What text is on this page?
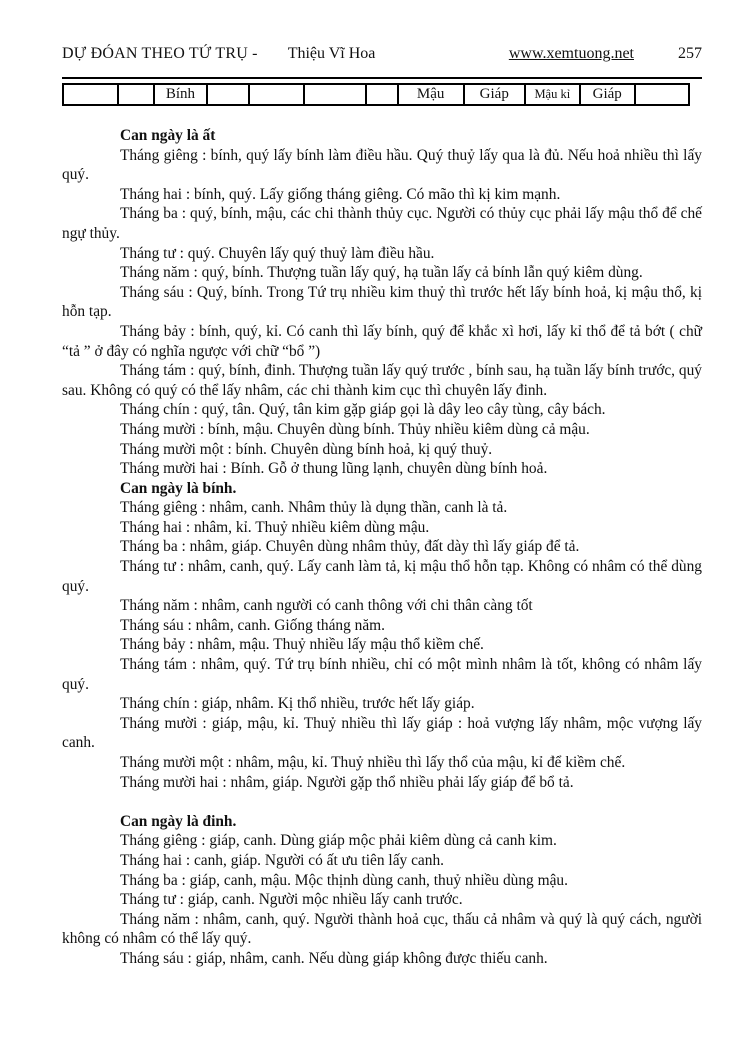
DỰ ĐÓAN THEO TỨ TRỤ - Thiệu Vĩ Hoa	www.xemtuong.net	257
		Bính					Mậu	Giáp	Mậu kỉ	Giáp	
Can ngày là ất

Tháng giêng : bính, quý lấy bính làm điều hầu. Quý thuỷ lấy qua là đủ. Nếu hoả nhiều thì lấy quý.

Tháng hai : bính, quý. Lấy giống tháng giêng. Có mão thì kị kim mạnh.

Tháng ba : quý, bính, mậu, các chi thành thủy cục. Người có thủy cục phải lấy mậu thổ để chế ngự thủy.

Tháng tư : quý. Chuyên lấy quý thuỷ làm điều hầu.

Tháng năm : quý, bính. Thượng tuần lấy quý, hạ tuần lấy cả bính lẫn quý kiêm dùng.

Tháng sáu : Quý, bính. Trong Tứ trụ nhiều kim thuỷ thì trước hết lấy bính hoả, kị mậu thổ, kị hỗn tạp.

Tháng bảy : bính, quý, kỉ. Có canh thì lấy bính, quý để khắc xì hơi, lấy kỉ thổ để tả bớt ( chữ “tả ” ở đây có nghĩa ngược với chữ “bổ ”)

Tháng tám : quý, bính, đinh. Thượng tuần lấy quý trước , bính sau, hạ tuần lấy bính trước, quý sau. Không có quý có thể lấy nhâm, các chi thành kim cục thì chuyên lấy đinh.

Tháng chín : quý, tân. Quý, tân kim gặp giáp gọi là dây leo cây tùng, cây bách.

Tháng mười : bính, mậu. Chuyên dùng bính. Thủy nhiều kiêm dùng cả mậu.

Tháng mười một : bính. Chuyên dùng bính hoả, kị quý thuỷ.

Tháng mười hai : Bính. Gỗ ở thung lũng lạnh, chuyên dùng bính hoả.

Can ngày là bính.

Tháng giêng : nhâm, canh. Nhâm thủy là dụng thần, canh là tả.

Tháng hai : nhâm, kỉ. Thuỷ nhiều kiêm dùng mậu.

Tháng ba : nhâm, giáp. Chuyên dùng nhâm thủy, đất dày thì lấy giáp để tả.

Tháng tư : nhâm, canh, quý. Lấy canh làm tả, kị mậu thổ hỗn tạp. Không có nhâm có thể dùng quý.

Tháng năm : nhâm, canh người có canh thông với chi thân càng tốt

Tháng sáu : nhâm, canh. Giống tháng năm.

Tháng bảy : nhâm, mậu. Thuỷ nhiều lấy mậu thổ kiềm chế.

Tháng tám : nhâm, quý. Tứ trụ bính nhiều, chỉ có một mình nhâm là tốt, không có nhâm lấy quý.

Tháng chín : giáp, nhâm. Kị thổ nhiều, trước hết lấy giáp.

Tháng mười : giáp, mậu, kỉ. Thuỷ nhiều thì lấy giáp : hoả vượng lấy nhâm, mộc vượng lấy canh.

Tháng mười một : nhâm, mậu, kỉ. Thuỷ nhiều thì lấy thổ của mậu, kỉ để kiềm chế.

Tháng mười hai : nhâm, giáp. Người gặp thổ nhiều phải lấy giáp để bổ tả.

Can ngày là đinh.

Tháng giêng : giáp, canh. Dùng giáp mộc phải kiêm dùng cả canh kim.

Tháng hai : canh, giáp. Người có ất ưu tiên lấy canh.

Tháng ba : giáp, canh, mậu. Mộc thịnh dùng canh, thuỷ nhiều dùng mậu.

Tháng tư : giáp, canh. Người mộc nhiều lấy canh trước.

Tháng năm : nhâm, canh, quý. Người thành hoả cục, thấu cả nhâm và quý là quý cách, người không có nhâm có thể lấy quý.

Tháng sáu : giáp, nhâm, canh. Nếu dùng giáp không được thiếu canh.
